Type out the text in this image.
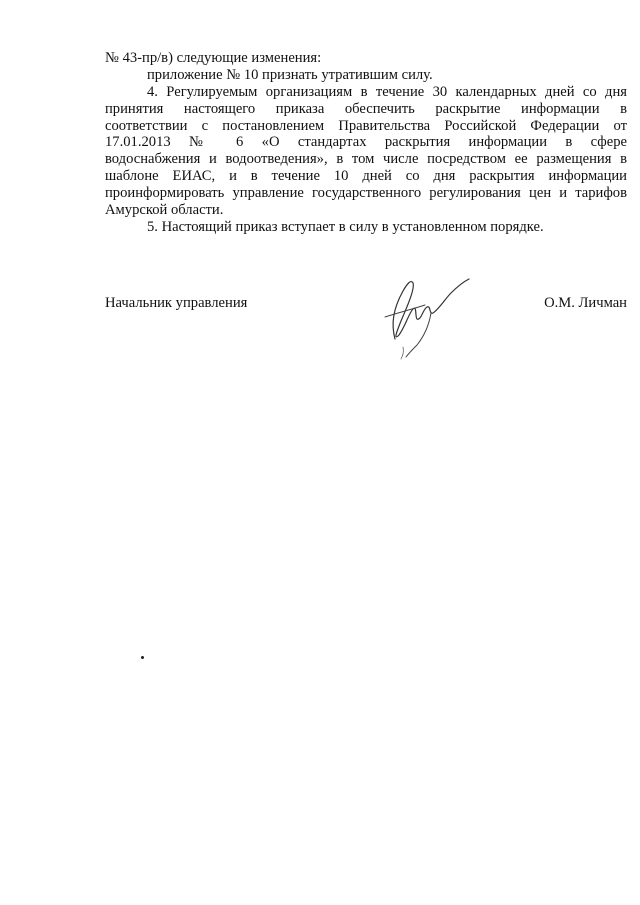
№ 43-пр/в) следующие изменения:
приложение № 10 признать утратившим силу.
4. Регулируемым организациям в течение 30 календарных дней со дня
принятия настоящего приказа обеспечить раскрытие информации в
соответствии с постановлением Правительства Российской Федерации от
17.01.2013 № 6 «О стандартах раскрытия информации в сфере
водоснабжения и водоотведения», в том числе посредством ее размещения в
шаблоне ЕИАС, и в течение 10 дней со дня раскрытия информации
проинформировать управление государственного регулирования цен и тарифов
Амурской области.
5. Настоящий приказ вступает в силу в установленном порядке.
Начальник управления	О.М. Личман
